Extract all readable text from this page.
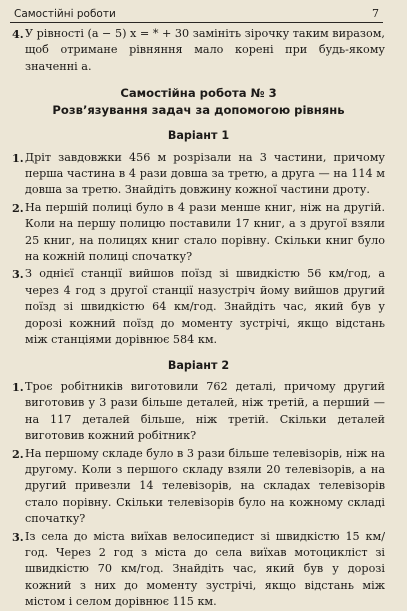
Самостійні роботи	7
4. У рівності (a − 5) x = * + 30 замініть зірочку таким виразом, щоб отримане рівняння мало корені при будь-якому значенні a.
Самостійна робота № 3
Розв’язування задач за допомогою рівнянь
Варіант 1
1. Дріт завдовжки 456 м розрізали на 3 частини, причому перша частина в 4 рази довша за третю, а друга — на 114 м довша за третю. Знайдіть довжину кожної частини дроту.
2. На першій полиці було в 4 рази менше книг, ніж на другій. Коли на першу полицю поставили 17 книг, а з другої взяли 25 книг, на полицях книг стало порівну. Скільки книг було на кожній полиці спочатку?
3. З однієї станції вийшов поїзд зі швидкістю 56 км/год, а через 4 год з другої станції назустріч йому вийшов другий поїзд зі швидкістю 64 км/год. Знайдіть час, який був у дорозі кожний поїзд до моменту зустрічі, якщо відстань між станціями дорівнює 584 км.
Варіант 2
1. Троє робітників виготовили 762 деталі, причому другий виготовив у 3 рази більше деталей, ніж третій, а перший — на 117 деталей більше, ніж третій. Скільки деталей виготовив кожний робітник?
2. На першому складе було в 3 рази більше телевізорів, ніж на другому. Коли з першого складу взяли 20 телевізорів, а на другий привезли 14 телевізорів, на складах телевізорів стало порівну. Скільки телевізорів було на кожному складі спочатку?
3. Із села до міста виїхав велосипедист зі швидкістю 15 км/год. Через 2 год з міста до села виїхав мотоцикліст зі швидкістю 70 км/год. Знайдіть час, який був у дорозі кожний з них до моменту зустрічі, якщо відстань між містом і селом дорівнює 115 км.
